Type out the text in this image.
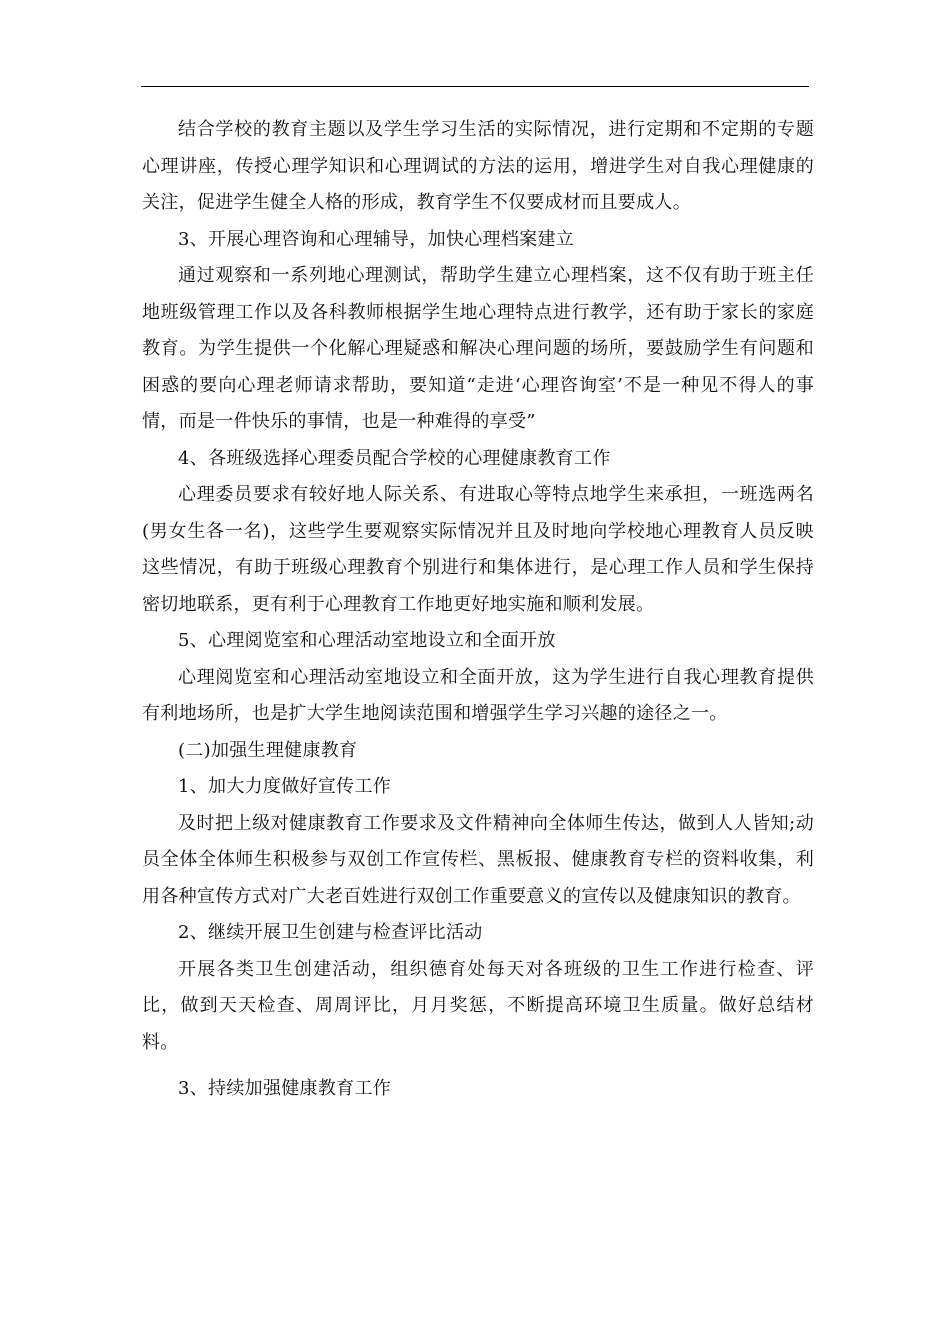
结合学校的教育主题以及学生学习生活的实际情况，进行定期和不定期的专题心理讲座，传授心理学知识和心理调试的方法的运用，增进学生对自我心理健康的关注，促进学生健全人格的形成，教育学生不仅要成材而且要成人。

3、开展心理咨询和心理辅导，加快心理档案建立

通过观察和一系列地心理测试，帮助学生建立心理档案，这不仅有助于班主任地班级管理工作以及各科教师根据学生地心理特点进行教学，还有助于家长的家庭教育。为学生提供一个化解心理疑惑和解决心理问题的场所，要鼓励学生有问题和困惑的要向心理老师请求帮助，要知道“走进‘心理咨询室’不是一种见不得人的事情，而是一件快乐的事情，也是一种难得的享受”

4、各班级选择心理委员配合学校的心理健康教育工作

心理委员要求有较好地人际关系、有进取心等特点地学生来承担，一班选两名(男女生各一名)，这些学生要观察实际情况并且及时地向学校地心理教育人员反映这些情况，有助于班级心理教育个别进行和集体进行，是心理工作人员和学生保持密切地联系，更有利于心理教育工作地更好地实施和顺利发展。

5、心理阅览室和心理活动室地设立和全面开放

心理阅览室和心理活动室地设立和全面开放，这为学生进行自我心理教育提供有利地场所，也是扩大学生地阅读范围和增强学生学习兴趣的途径之一。

(二)加强生理健康教育

1、加大力度做好宣传工作

及时把上级对健康教育工作要求及文件精神向全体师生传达，做到人人皆知;动员全体全体师生积极参与双创工作宣传栏、黑板报、健康教育专栏的资料收集，利用各种宣传方式对广大老百姓进行双创工作重要意义的宣传以及健康知识的教育。

2、继续开展卫生创建与检查评比活动

开展各类卫生创建活动，组织德育处每天对各班级的卫生工作进行检查、评比，做到天天检查、周周评比，月月奖惩，不断提高环境卫生质量。做好总结材料。

3、持续加强健康教育工作
